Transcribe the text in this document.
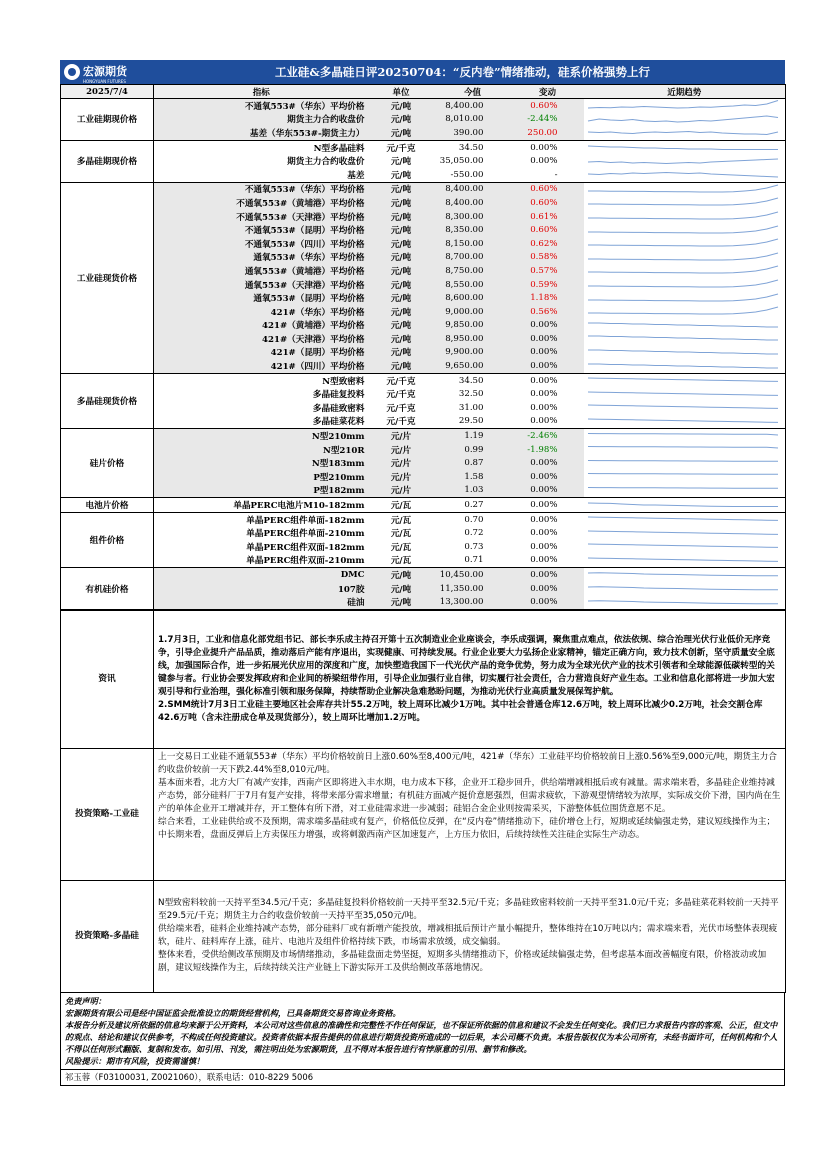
宏源期货
HONGYUAN FUTURES
工业硅&多晶硅日评20250704：“反内卷”情绪推动，硅系价格强势上行
2025/7/4	指标	单位	今值	变动	近期趋势
工业硅期现价格	不通氧553#（华东）平均价格	元/吨	8,400.00	0.60%	

	期货主力合约收盘价	元/吨	8,010.00	-2.44%	

	基差（华东553#-期货主力）	元/吨	390.00	250.00	

多晶硅期现价格	N型多晶硅料	元/千克	34.50	0.00%	

	期货主力合约收盘价	元/吨	35,050.00	0.00%	

	基差	元/吨	-550.00	-	

工业硅现货价格	不通氧553#（华东）平均价格	元/吨	8,400.00	0.60%	

	不通氧553#（黄埔港）平均价格	元/吨	8,400.00	0.60%	

	不通氧553#（天津港）平均价格	元/吨	8,300.00	0.61%	

	不通氧553#（昆明）平均价格	元/吨	8,350.00	0.60%	

	不通氧553#（四川）平均价格	元/吨	8,150.00	0.62%	

	通氧553#（华东）平均价格	元/吨	8,700.00	0.58%	

	通氧553#（黄埔港）平均价格	元/吨	8,750.00	0.57%	

	通氧553#（天津港）平均价格	元/吨	8,550.00	0.59%	

	通氧553#（昆明）平均价格	元/吨	8,600.00	1.18%	

	421#（华东）平均价格	元/吨	9,000.00	0.56%	

	421#（黄埔港）平均价格	元/吨	9,850.00	0.00%	

	421#（天津港）平均价格	元/吨	8,950.00	0.00%	

	421#（昆明）平均价格	元/吨	9,900.00	0.00%	

	421#（四川）平均价格	元/吨	9,650.00	0.00%	

多晶硅现货价格	N型致密料	元/千克	34.50	0.00%	

	多晶硅复投料	元/千克	32.50	0.00%	

	多晶硅致密料	元/千克	31.00	0.00%	

	多晶硅菜花料	元/千克	29.50	0.00%	

硅片价格	N型210mm	元/片	1.19	-2.46%	

	N型210R	元/片	0.99	-1.98%	

	N型183mm	元/片	0.87	0.00%	

	P型210mm	元/片	1.58	0.00%	

	P型182mm	元/片	1.03	0.00%	

电池片价格	单晶PERC电池片M10-182mm	元/瓦	0.27	0.00%	

组件价格	单晶PERC组件单面-182mm	元/瓦	0.70	0.00%	

	单晶PERC组件单面-210mm	元/瓦	0.72	0.00%	

	单晶PERC组件双面-182mm	元/瓦	0.73	0.00%	

	单晶PERC组件双面-210mm	元/瓦	0.71	0.00%	

有机硅价格	DMC	元/吨	10,450.00	0.00%	

	107胶	元/吨	11,350.00	0.00%	

	硅油	元/吨	13,300.00	0.00%	
资讯	1.7月3日，工业和信息化部党组书记、部长李乐成主持召开第十五次制造业企业座谈会，李乐成强调，聚焦重点难点，依法依规、综合治理光伏行业低价无序竞争，引导企业提升产品品质，推动落后产能有序退出，实现健康、可持续发展。行业企业要大力弘扬企业家精神，锚定正确方向，致力技术创新，坚守质量安全底线，加强国际合作，进一步拓展光伏应用的深度和广度，加快塑造我国下一代光伏产品的竞争优势，努力成为全球光伏产业的技术引领者和全球能源低碳转型的关键参与者。行业协会要发挥政府和企业间的桥梁纽带作用，引导企业加强行业自律，切实履行社会责任，合力营造良好产业生态。工业和信息化部将进一步加大宏观引导和行业治理，强化标准引领和服务保障，持续帮助企业解决急难愁盼问题，为推动光伏行业高质量发展保驾护航。

2.SMM统计7月3日工业硅主要地区社会库存共计55.2万吨，较上周环比减少1万吨。其中社会普通仓库12.6万吨，较上周环比减少0.2万吨，社会交割仓库42.6万吨（含未注册成仓单及现货部分），较上周环比增加1.2万吨。

投资策略-工业硅	上一交易日工业硅不通氧553#（华东）平均价格较前日上涨0.60%至8,400元/吨，421#（华东）工业硅平均价格较前日上涨0.56%至9,000元/吨，期货主力合约收盘价较前一天下跌2.44%至8,010元/吨。

基本面来看，北方大厂有减产安排，西南产区即将进入丰水期，电力成本下移，企业开工稳步回升，供给端增减相抵后或有减量。需求端来看，多晶硅企业维持减产态势，部分硅料厂于7月有复产安排，将带来部分需求增量；有机硅方面减产挺价意愿强烈，但需求疲软，下游观望情绪较为浓厚，实际成交价下滑，国内尚在生产的单体企业开工增减并存，开工整体有所下滑，对工业硅需求进一步减弱；硅铝合金企业则按需采买，下游整体低位围货意愿不足。

综合来看，工业硅供给或不及预期，需求端多晶硅或有复产，价格低位反弹，在“反内卷”情绪推动下，硅价增仓上行，短期或延续偏强走势，建议短线操作为主；中长期来看，盘面反弹后上方卖保压力增强，或将刺激西南产区加速复产，上方压力依旧，后续持续性关注硅企实际生产动态。

投资策略-多晶硅	N型致密料较前一天持平至34.5元/千克；多晶硅复投料价格较前一天持平至32.5元/千克；多晶硅致密料较前一天持平至31.0元/千克；多晶硅菜花料较前一天持平至29.5元/千克；期货主力合约收盘价较前一天持平至35,050元/吨。

供给端来看，硅料企业维持减产态势，部分硅料厂或有新增产能投放，增减相抵后预计产量小幅提升，整体维持在10万吨以内；需求端来看，光伏市场整体表现疲软，硅片、硅料库存上涨，硅片、电池片及组件价格持续下跌，市场需求放缓，成交偏弱。

整体来看，受供给侧改革预期及市场情绪推动，多晶硅盘面走势坚挺，短期多头情绪推动下，价格或延续偏强走势，但考虑基本面改善幅度有限，价格波动或加剧，建议短线操作为主，后续持续关注产业链上下游实际开工及供给侧改革落地情况。

免责声明：
宏源期货有限公司是经中国证监会批准设立的期货经营机构，已具备期货交易咨询业务资格。
本报告分析及建议所依据的信息均来源于公开资料，本公司对这些信息的准确性和完整性不作任何保证，也不保证所依据的信息和建议不会发生任何变化。我们已力求报告内容的客观、公正，但文中的观点、结论和建议仅供参考，不构成任何投资建议。投资者依据本报告提供的信息进行期货投资所造成的一切后果，本公司概不负责。本报告版权仅为本公司所有，未经书面许可，任何机构和个人不得以任何形式翻版、复制和发布。如引用、刊发，需注明出处为宏源期货，且不得对本报告进行有悖原意的引用、删节和修改。
风险提示：期市有风险，投资需谨慎！
祁玉蓉（F03100031, Z0021060），联系电话：010-8229 5006
